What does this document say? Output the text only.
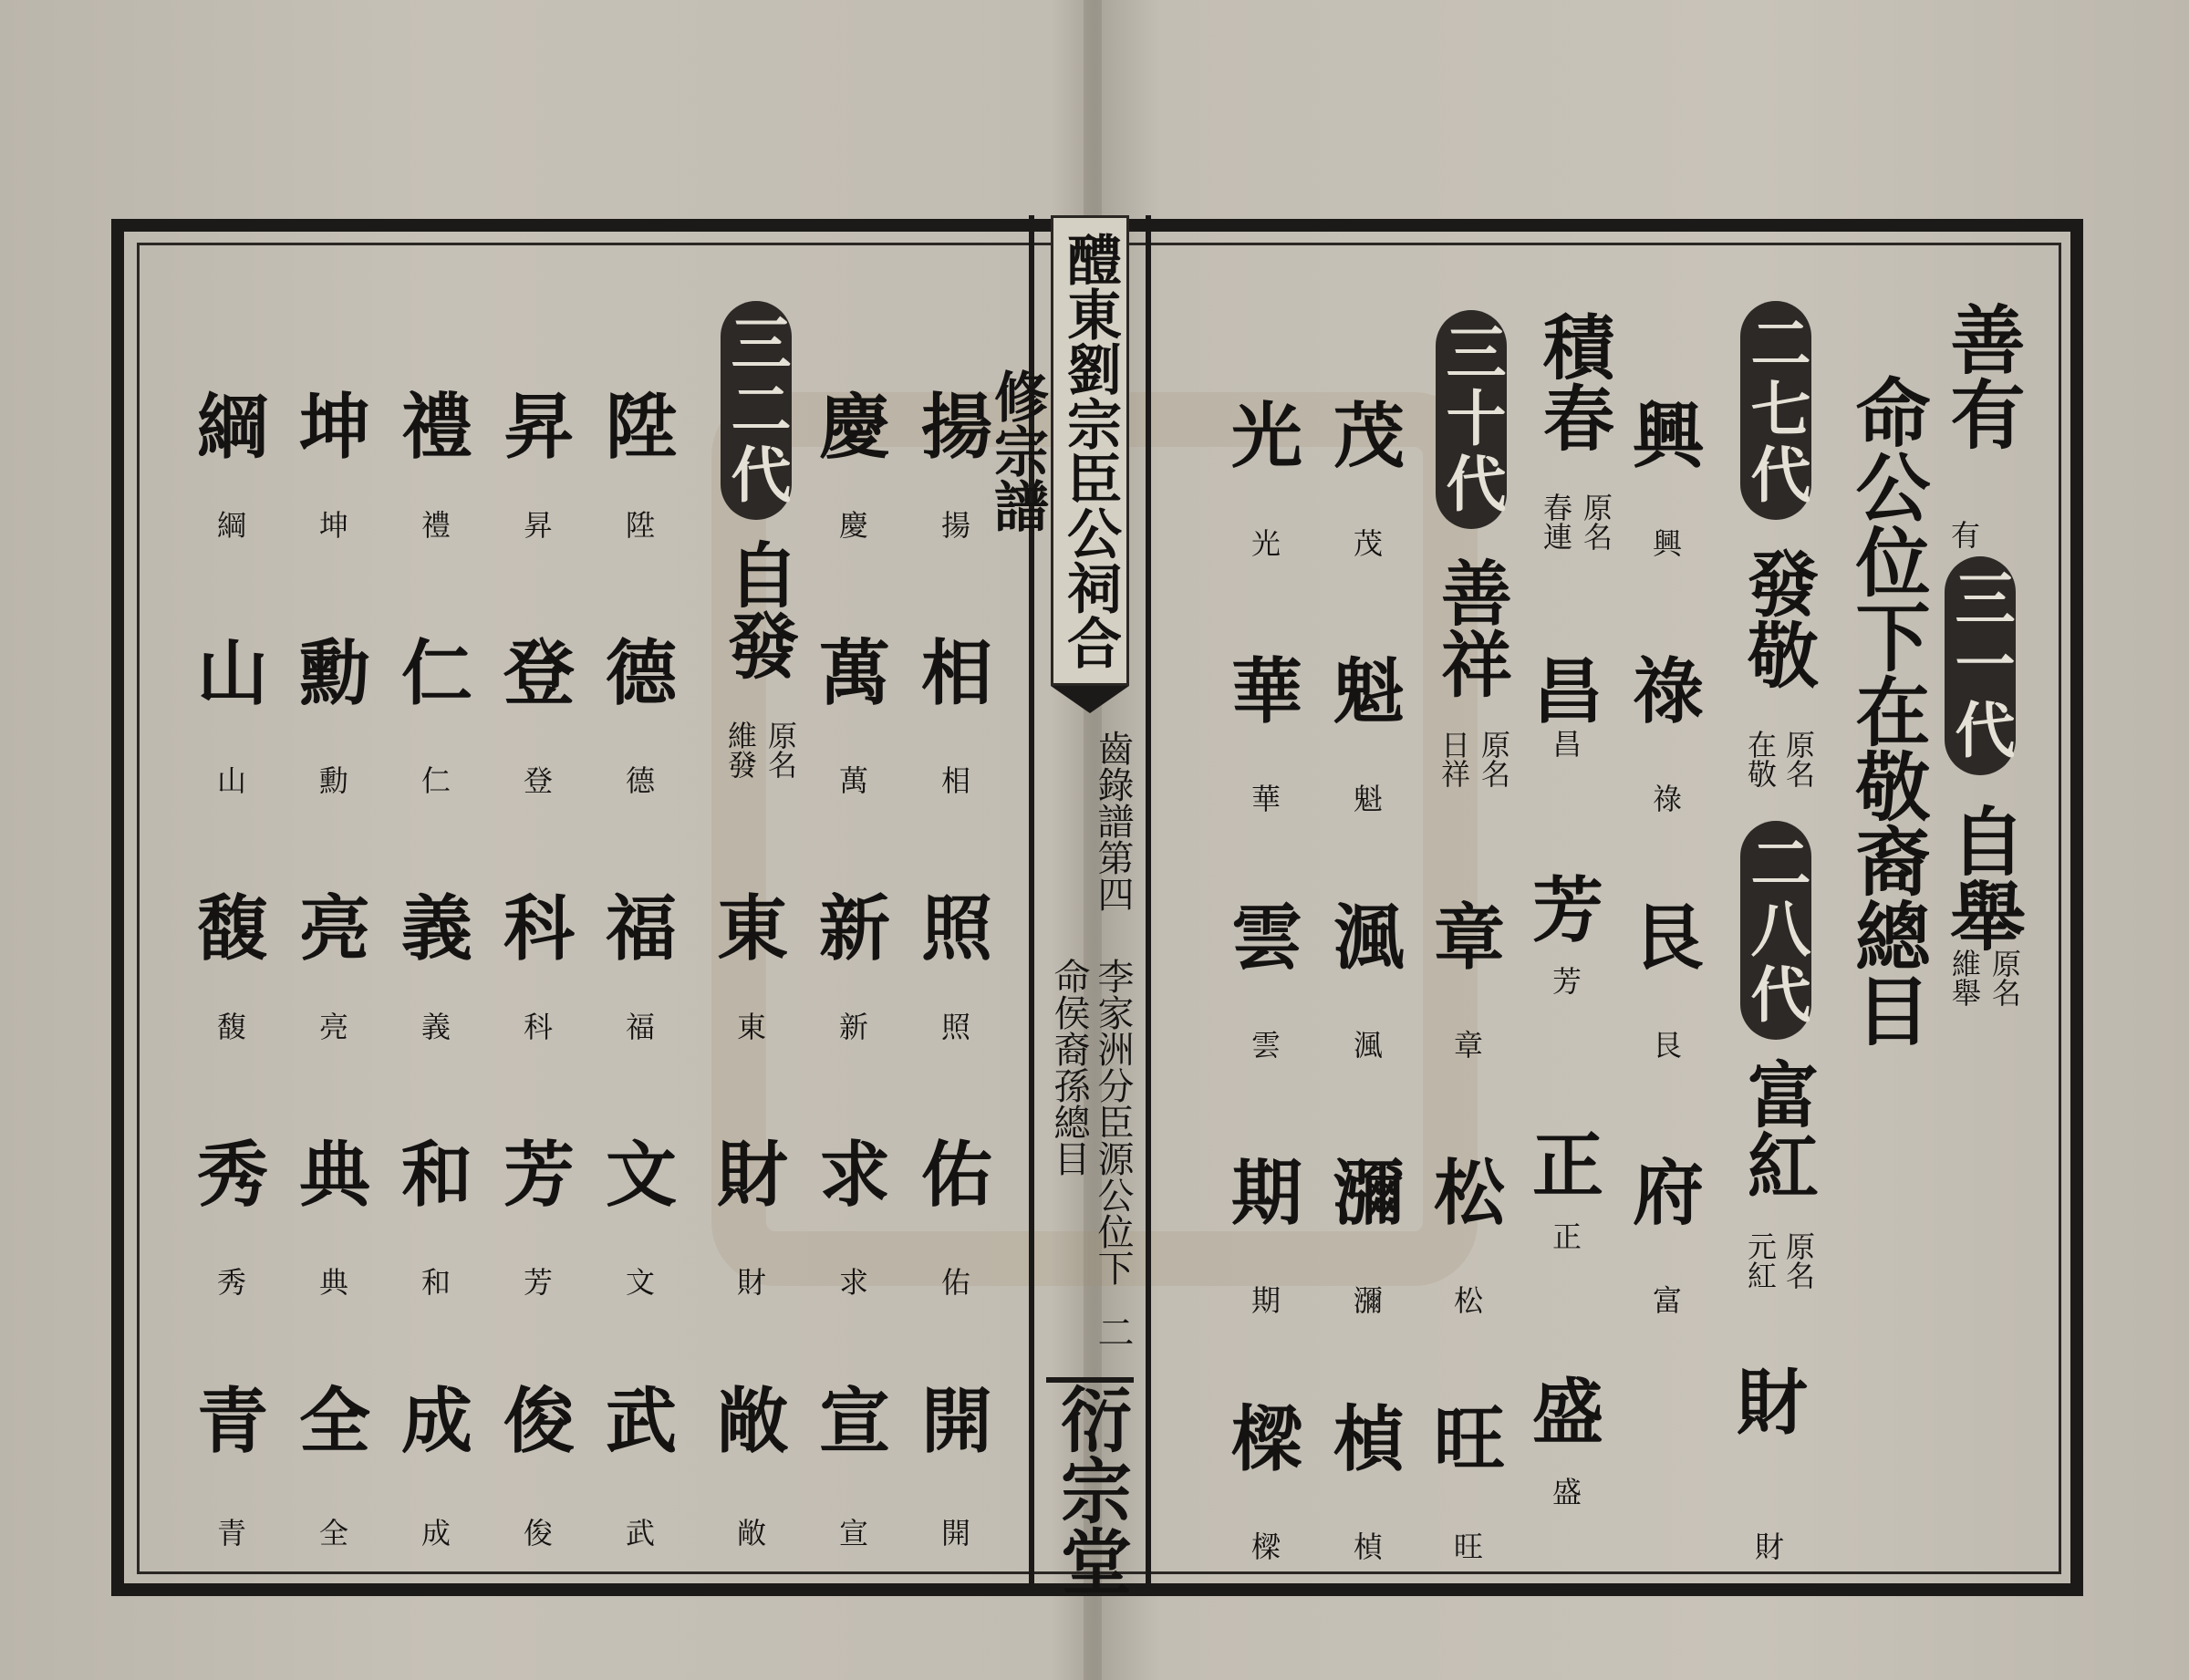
醴東劉宗臣公祠合修宗譜
齒錄譜第四
李家洲分臣源公位下
命侯裔孫總目
二
衍宗堂
善有
有
三一代
自舉
原名
維舉
命公位下在敬裔總目
二七代
發敬
原名
在敬
二八代
富紅
原名
元紅
財
財
興
興
祿
祿
艮
艮
府
富
積春
原名
春連
昌
昌
芳
芳
正
正
盛
盛
三十代
善祥
原名
日祥
章
章
松
松
旺
旺
茂
茂
魁
魁
渢
渢
瀰
瀰
楨
楨
光
光
華
華
雲
雲
期
期
樑
樑
揚
揚
相
相
照
照
佑
佑
開
開
慶
慶
萬
萬
新
新
求
求
宣
宣
三二代
自發
原名
維發
東
東
財
財
敞
敞
陞
陞
德
德
福
福
文
文
武
武
昇
昇
登
登
科
科
芳
芳
俊
俊
禮
禮
仁
仁
義
義
和
和
成
成
坤
坤
勳
勳
亮
亮
典
典
全
全
綱
綱
山
山
馥
馥
秀
秀
青
青
